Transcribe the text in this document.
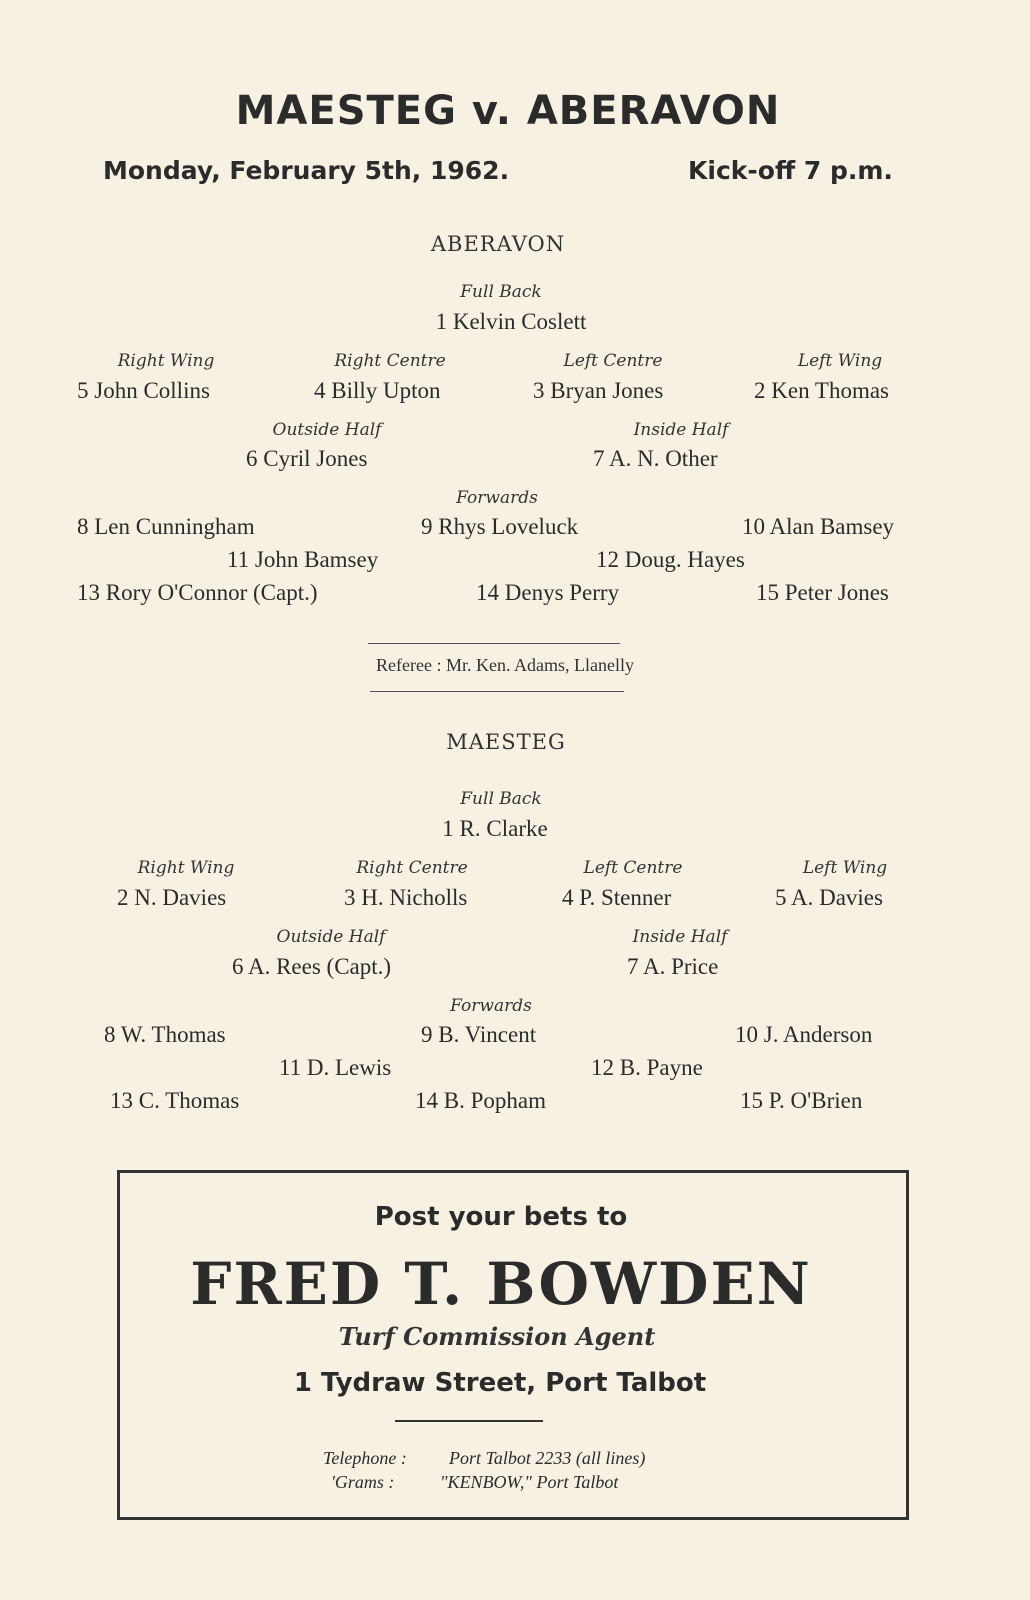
MAESTEG v. ABERAVON
Monday, February 5th, 1962.	Kick-off 7 p.m.
ABERAVON
Full Back
1 Kelvin Coslett
Right Wing	Right Centre	Left Centre	Left Wing
5 John Collins	4 Billy Upton	3 Bryan Jones	2 Ken Thomas
Outside Half	Inside Half
6 Cyril Jones	7 A. N. Other
Forwards
8 Len Cunningham	9 Rhys Loveluck	10 Alan Bamsey
11 John Bamsey	12 Doug. Hayes
13 Rory O'Connor (Capt.)	14 Denys Perry	15 Peter Jones
Referee : Mr. Ken. Adams, Llanelly
MAESTEG
Full Back
1 R. Clarke
Right Wing	Right Centre	Left Centre	Left Wing
2 N. Davies	3 H. Nicholls	4 P. Stenner	5 A. Davies
Outside Half	Inside Half
6 A. Rees (Capt.)	7 A. Price
Forwards
8 W. Thomas	9 B. Vincent	10 J. Anderson
11 D. Lewis	12 B. Payne
13 C. Thomas	14 B. Popham	15 P. O'Brien
Post your bets to
FRED T. BOWDEN
Turf Commission Agent
1 Tydraw Street, Port Talbot
Telephone : Port Talbot 2233 (all lines)
'Grams :	"KENBOW," Port Talbot
